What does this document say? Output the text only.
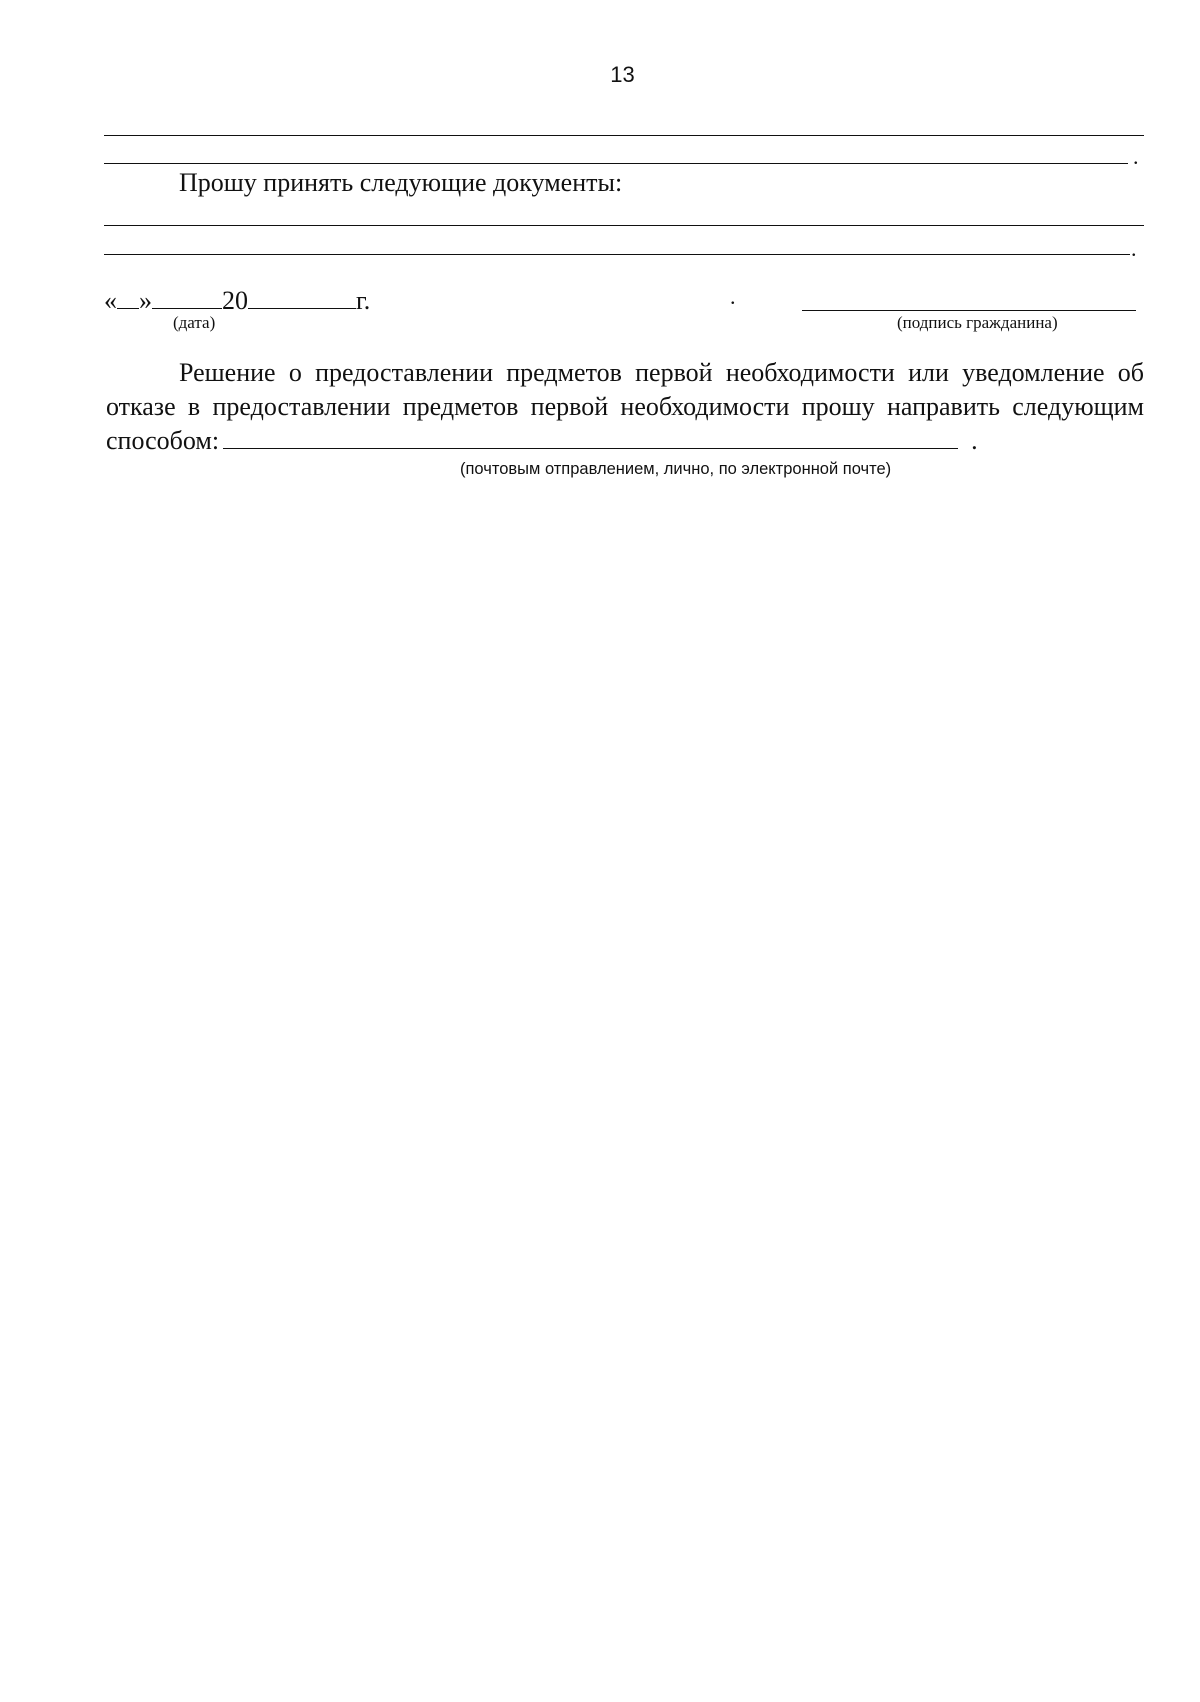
13
.
Прошу принять следующие документы:
.
« »	20	г.
(дата)
.
(подпись гражданина)
Решение о предоставлении предметов первой необходимости или уведомление об отказе в предоставлении предметов первой необходимости прошу направить следующим способом:	.
(почтовым отправлением, лично, по электронной почте)
